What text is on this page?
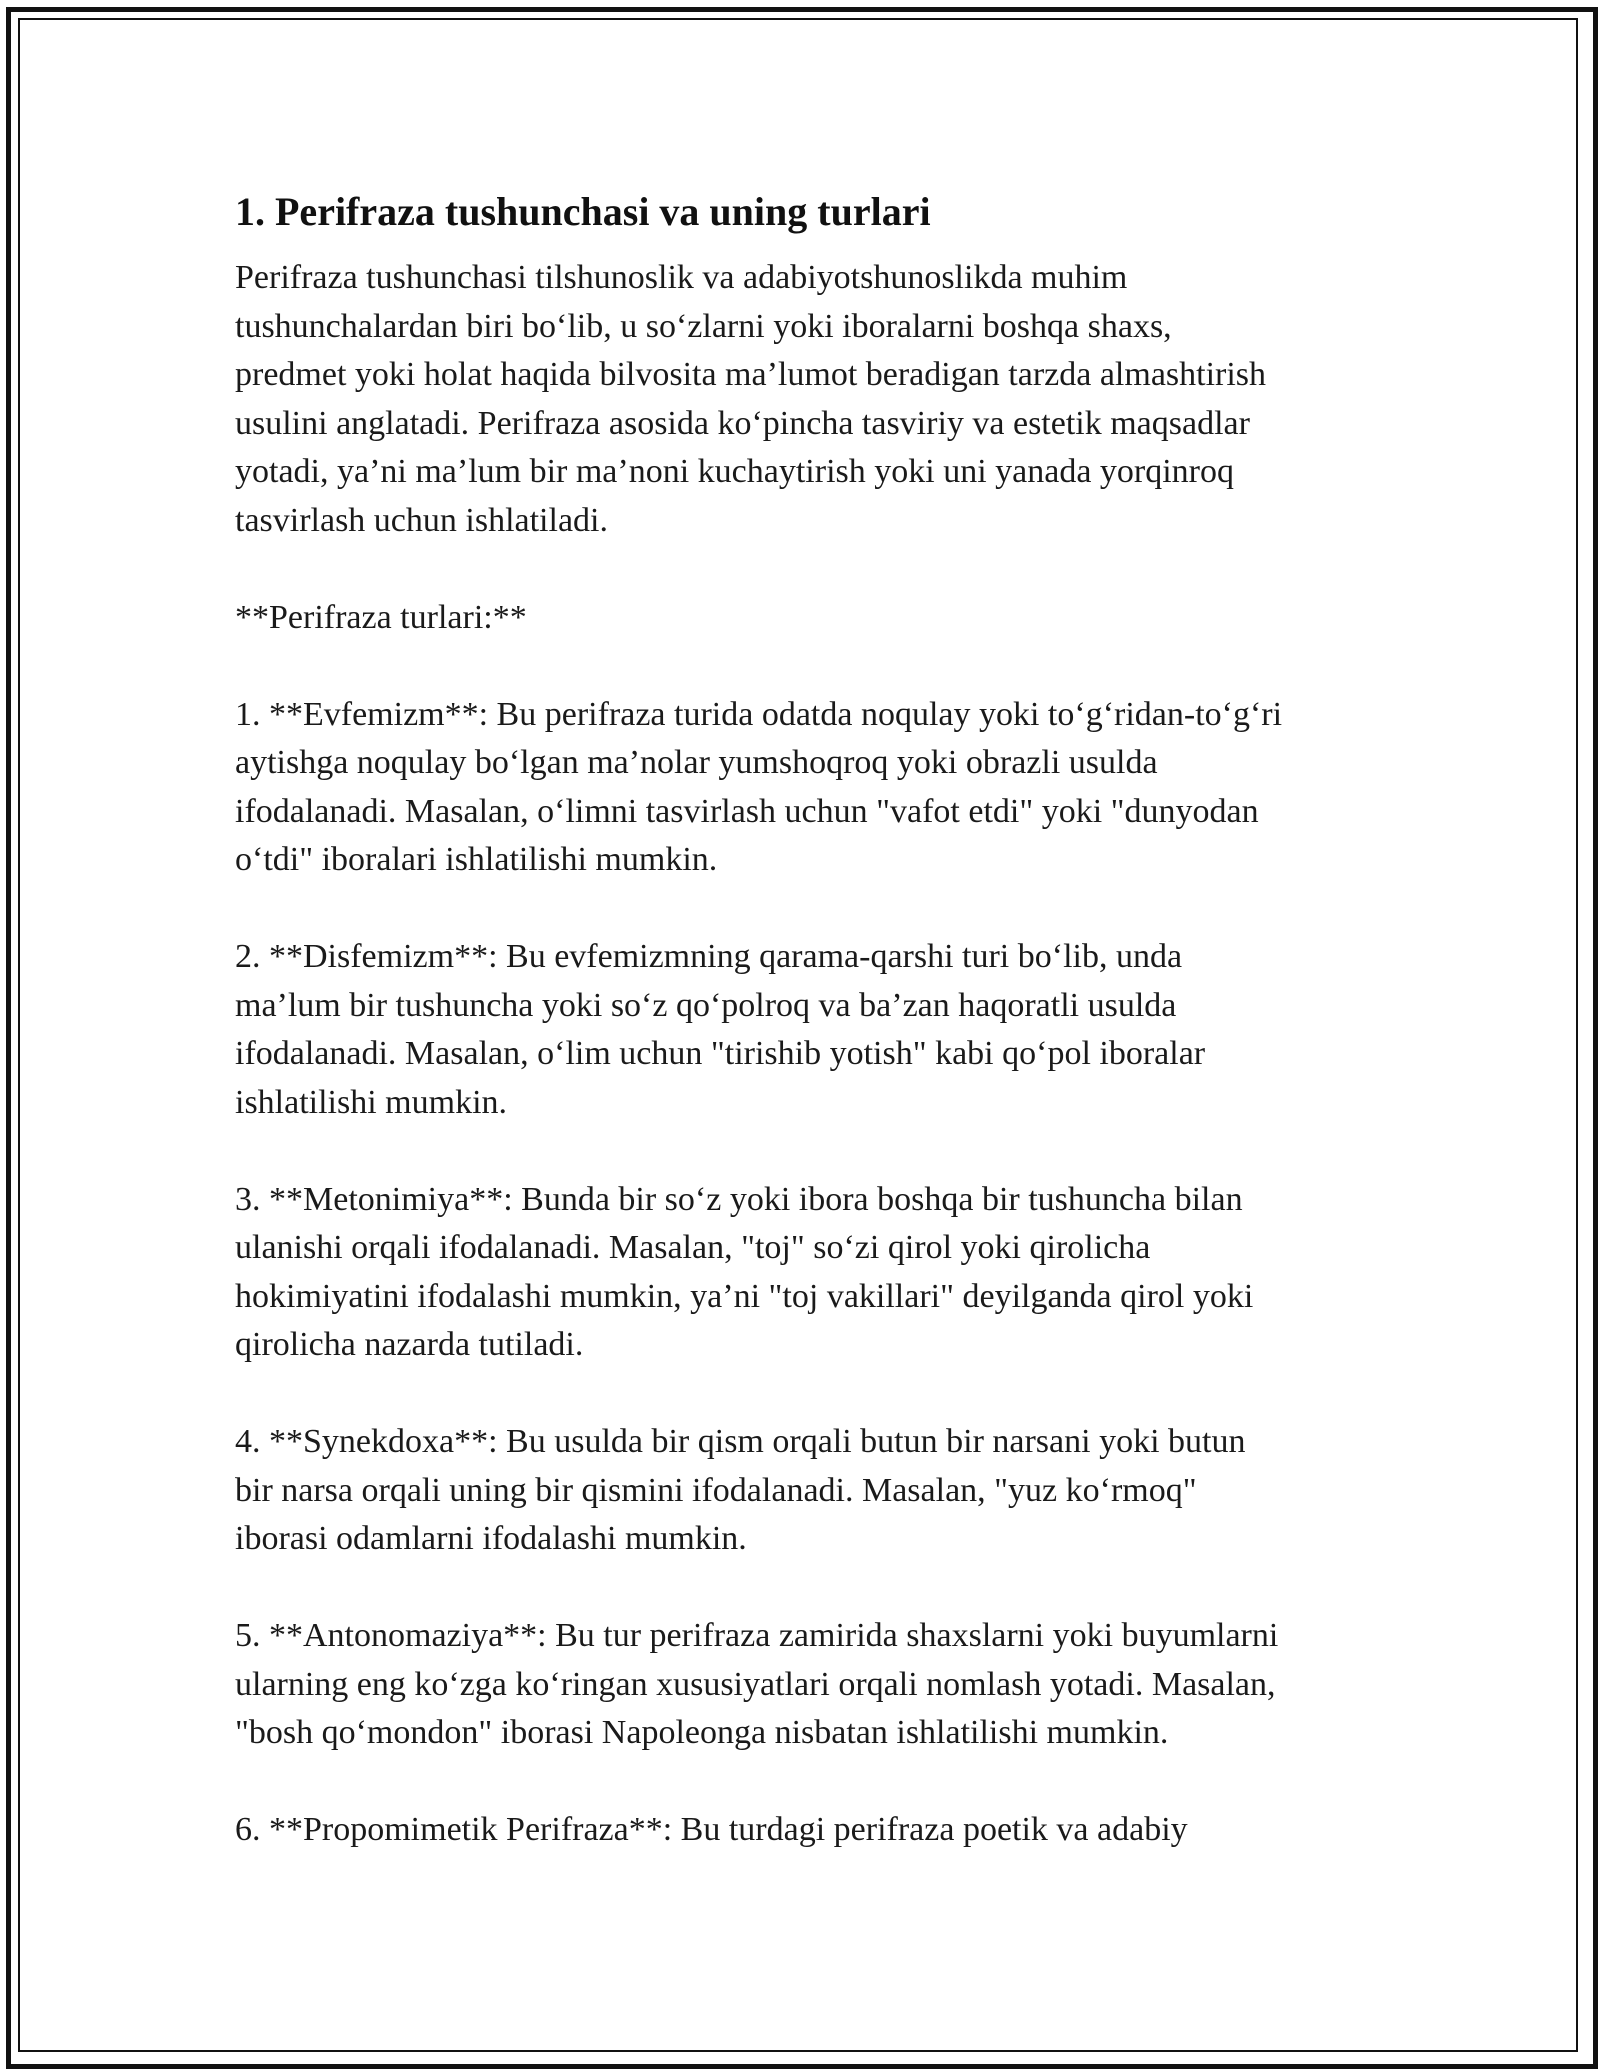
1. Perifraza tushunchasi va uning turlari

Perifraza tushunchasi tilshunoslik va adabiyotshunoslikda muhim
tushunchalardan biri bo‘lib, u so‘zlarni yoki iboralarni boshqa shaxs,
predmet yoki holat haqida bilvosita ma’lumot beradigan tarzda almashtirish
usulini anglatadi. Perifraza asosida ko‘pincha tasviriy va estetik maqsadlar
yotadi, ya’ni ma’lum bir ma’noni kuchaytirish yoki uni yanada yorqinroq
tasvirlash uchun ishlatiladi.

**Perifraza turlari:**

1. **Evfemizm**: Bu perifraza turida odatda noqulay yoki to‘g‘ridan-to‘g‘ri
aytishga noqulay bo‘lgan ma’nolar yumshoqroq yoki obrazli usulda
ifodalanadi. Masalan, o‘limni tasvirlash uchun "vafot etdi" yoki "dunyodan
o‘tdi" iboralari ishlatilishi mumkin.

2. **Disfemizm**: Bu evfemizmning qarama-qarshi turi bo‘lib, unda
ma’lum bir tushuncha yoki so‘z qo‘polroq va ba’zan haqoratli usulda
ifodalanadi. Masalan, o‘lim uchun "tirishib yotish" kabi qo‘pol iboralar
ishlatilishi mumkin.

3. **Metonimiya**: Bunda bir so‘z yoki ibora boshqa bir tushuncha bilan
ulanishi orqali ifodalanadi. Masalan, "toj" so‘zi qirol yoki qirolicha
hokimiyatini ifodalashi mumkin, ya’ni "toj vakillari" deyilganda qirol yoki
qirolicha nazarda tutiladi.

4. **Synekdoxa**: Bu usulda bir qism orqali butun bir narsani yoki butun
bir narsa orqali uning bir qismini ifodalanadi. Masalan, "yuz ko‘rmoq"
iborasi odamlarni ifodalashi mumkin.

5. **Antonomaziya**: Bu tur perifraza zamirida shaxslarni yoki buyumlarni
ularning eng ko‘zga ko‘ringan xususiyatlari orqali nomlash yotadi. Masalan,
"bosh qo‘mondon" iborasi Napoleonga nisbatan ishlatilishi mumkin.

6. **Propomimetik Perifraza**: Bu turdagi perifraza poetik va adabiy
